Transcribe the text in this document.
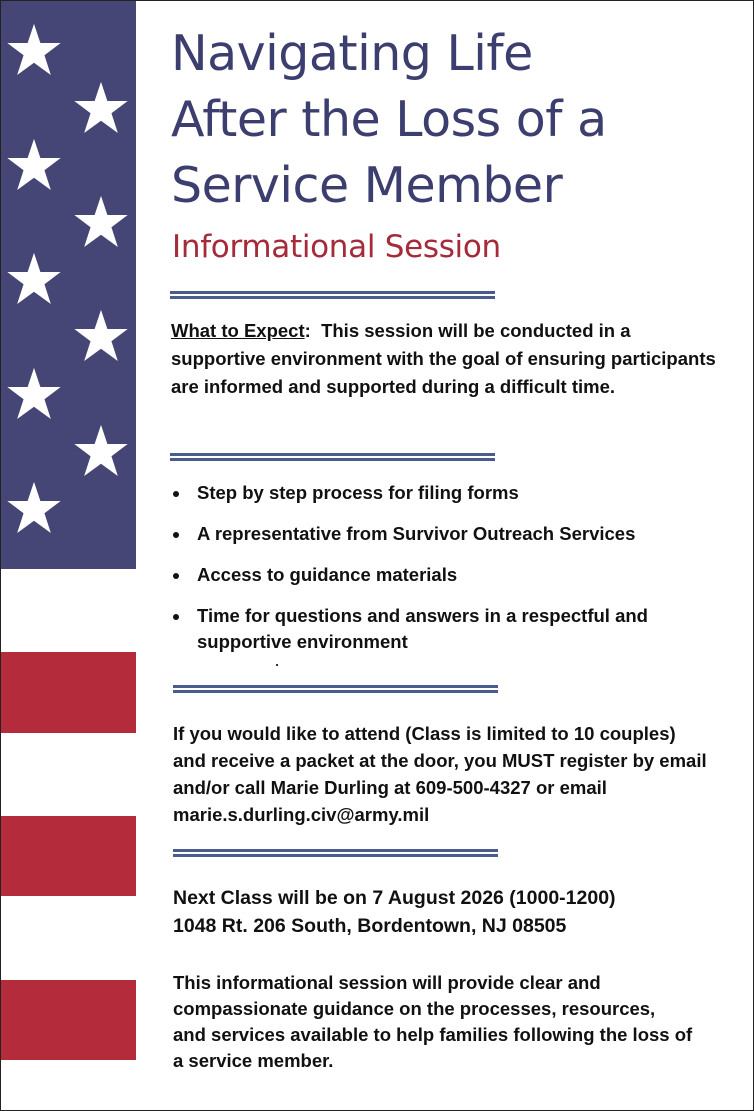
Navigating Life
After the Loss of a
Service Member
Informational Session

What to Expect: This session will be conducted in a supportive environment with the goal of ensuring participants are informed and supported during a difficult time.

Step by step process for filing forms
A representative from Survivor Outreach Services
Access to guidance materials
Time for questions and answers in a respectful and supportive environment

If you would like to attend (Class is limited to 10 couples) and receive a packet at the door, you MUST register by email and/or call Marie Durling at 609-500-4327 or email marie.s.durling.civ@army.mil

Next Class will be on 7 August 2026 (1000-1200)
1048 Rt. 206 South, Bordentown, NJ 08505

This informational session will provide clear and compassionate guidance on the processes, resources, and services available to help families following the loss of a service member.
